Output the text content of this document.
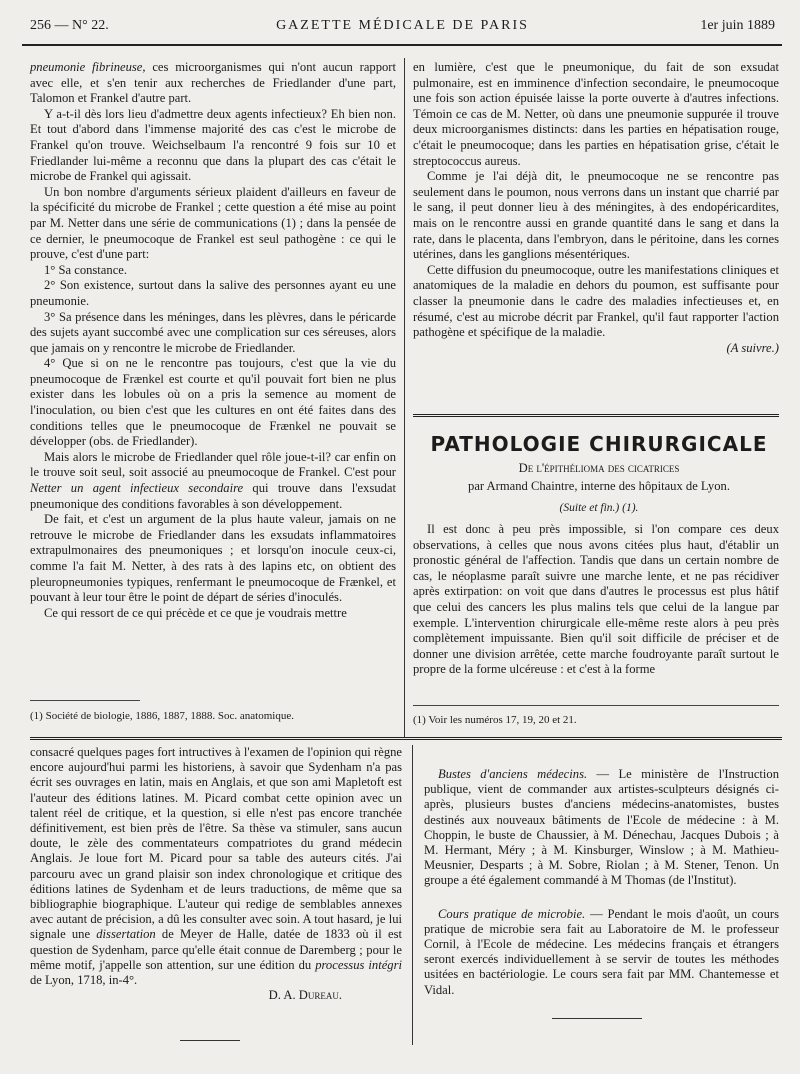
256 — N° 22.	GAZETTE MÉDICALE DE PARIS	1er juin 1889

pneumonie fibrineuse, ces microorganismes qui n'ont aucun rapport avec elle, et s'en tenir aux recherches de Friedlander d'une part, Talomon et Frankel d'autre part.

Y a-t-il dès lors lieu d'admettre deux agents infectieux? Eh bien non. Et tout d'abord dans l'immense majorité des cas c'est le microbe de Frankel qu'on trouve. Weichselbaum l'a rencontré 9 fois sur 10 et Friedlander lui-même a reconnu que dans la plupart des cas c'était le microbe de Frankel qui agissait.

Un bon nombre d'arguments sérieux plaident d'ailleurs en faveur de la spécificité du microbe de Frankel ; cette question a été mise au point par M. Netter dans une série de communications (1) ; dans la pensée de ce dernier, le pneumocoque de Frankel est seul pathogène : ce qui le prouve, c'est d'une part:

1° Sa constance.

2° Son existence, surtout dans la salive des personnes ayant eu une pneumonie.

3° Sa présence dans les méninges, dans les plèvres, dans le péricarde des sujets ayant succombé avec une complication sur ces séreuses, alors que jamais on y rencontre le microbe de Friedlander.

4° Que si on ne le rencontre pas toujours, c'est que la vie du pneumocoque de Frænkel est courte et qu'il pouvait fort bien ne plus exister dans les lobules où on a pris la semence au moment de l'inoculation, ou bien c'est que les cultures en ont été faites dans des conditions telles que le pneumocoque de Frænkel ne pouvait se développer (obs. de Friedlander).

Mais alors le microbe de Friedlander quel rôle joue-t-il? car enfin on le trouve soit seul, soit associé au pneumocoque de Frankel. C'est pour Netter un agent infectieux secondaire qui trouve dans l'exsudat pneumonique des conditions favorables à son développement.

De fait, et c'est un argument de la plus haute valeur, jamais on ne retrouve le microbe de Friedlander dans les exsudats inflammatoires extrapulmonaires des pneumoniques ; et lorsqu'on inocule ceux-ci, comme l'a fait M. Netter, à des rats à des lapins etc, on obtient des pleuropneumonies typiques, renfermant le pneumocoque de Frænkel, et pouvant à leur tour être le point de départ de séries d'inoculés.

Ce qui ressort de ce qui précède et ce que je voudrais mettre

(1) Société de biologie, 1886, 1887, 1888. Soc. anatomique.

en lumière, c'est que le pneumonique, du fait de son exsudat pulmonaire, est en imminence d'infection secondaire, le pneumocoque une fois son action épuisée laisse la porte ouverte à d'autres infections. Témoin ce cas de M. Netter, où dans une pneumonie suppurée il trouve deux microorganismes distincts: dans les parties en hépatisation rouge, c'était le pneumocoque; dans les parties en hépatisation grise, c'était le streptococcus aureus.

Comme je l'ai déjà dit, le pneumocoque ne se rencontre pas seulement dans le poumon, nous verrons dans un instant que charrié par le sang, il peut donner lieu à des méningites, à des endopéricardites, mais on le rencontre aussi en grande quantité dans le sang et dans la rate, dans le placenta, dans l'embryon, dans le péritoine, dans les cornes utérines, dans les ganglions mésentériques.

Cette diffusion du pneumocoque, outre les manifestations cliniques et anatomiques de la maladie en dehors du poumon, est suffisante pour classer la pneumonie dans le cadre des maladies infectieuses et, en résumé, c'est au microbe décrit par Frankel, qu'il faut rapporter l'action pathogène et spécifique de la maladie.

(A suivre.)

PATHOLOGIE CHIRURGICALE
De l'épithélioma des cicatrices
par Armand Chaintre, interne des hôpitaux de Lyon.
(Suite et fin.) (1).

Il est donc à peu près impossible, si l'on compare ces deux observations, à celles que nous avons citées plus haut, d'établir un pronostic général de l'affection. Tandis que dans un certain nombre de cas, le néoplasme paraît suivre une marche lente, et ne pas récidiver après extirpation: on voit que dans d'autres le processus est plus hâtif que celui des cancers les plus malins tels que celui de la langue par exemple. L'intervention chirurgicale elle-même reste alors à peu près complètement impuissante. Bien qu'il soit difficile de préciser et de donner une division arrêtée, cette marche foudroyante paraît surtout le propre de la forme ulcéreuse : et c'est à la forme

(1) Voir les numéros 17, 19, 20 et 21.

consacré quelques pages fort intructives à l'examen de l'opinion qui règne encore aujourd'hui parmi les historiens, à savoir que Sydenham n'a pas écrit ses ouvrages en latin, mais en Anglais, et que son ami Mapletoft est l'auteur des éditions latines. M. Picard combat cette opinion avec un talent réel de critique, et la question, si elle n'est pas encore tranchée définitivement, est bien près de l'être. Sa thèse va stimuler, sans aucun doute, le zèle des commentateurs compatriotes du grand médecin Anglais. Je loue fort M. Picard pour sa table des auteurs cités. J'ai parcouru avec un grand plaisir son index chronologique et critique des éditions latines de Sydenham et de leurs traductions, de même que sa bibliographie biographique. L'auteur qui redige de semblables annexes avec autant de précision, a dû les consulter avec soin. A tout hasard, je lui signale une dissertation de Meyer de Halle, datée de 1833 où il est question de Sydenham, parce qu'elle était connue de Daremberg ; pour le même motif, j'appelle son attention, sur une édition du processus intégri de Lyon, 1718, in-4°.

D. A. Dureau.

Bustes d'anciens médecins. — Le ministère de l'Instruction publique, vient de commander aux artistes-sculpteurs désignés ci-après, plusieurs bustes d'anciens médecins-anatomistes, bustes destinés aux nouveaux bâtiments de l'Ecole de médecine : à M. Choppin, le buste de Chaussier, à M. Dénechau, Jacques Dubois ; à M. Hermant, Méry ; à M. Kinsburger, Winslow ; à M. Mathieu-Meusnier, Desparts ; à M. Sobre, Riolan ; à M. Stener, Tenon. Un groupe a été également commandé à M Thomas (de l'Institut).

Cours pratique de microbie. — Pendant le mois d'août, un cours pratique de microbie sera fait au Laboratoire de M. le professeur Cornil, à l'Ecole de médecine. Les médecins français et étrangers seront exercés individuellement à se servir de toutes les méthodes usitées en bactériologie. Le cours sera fait par MM. Chantemesse et Vidal.
